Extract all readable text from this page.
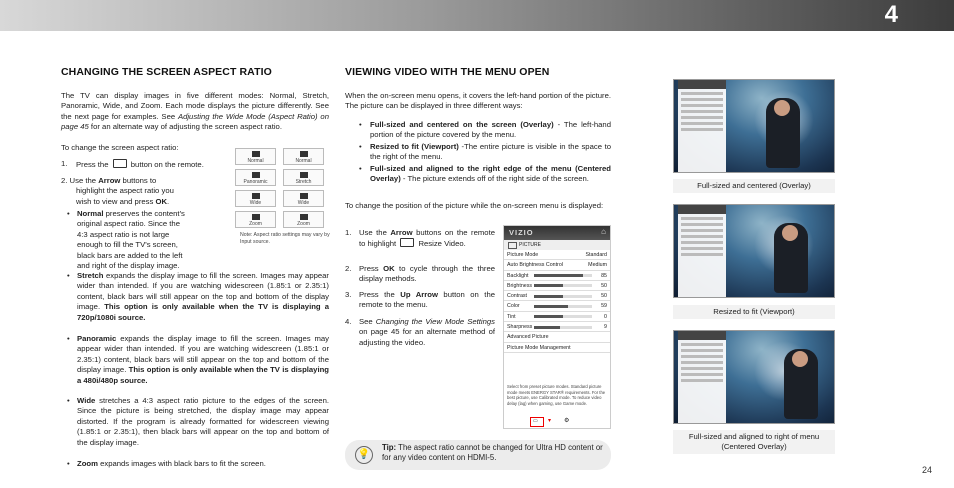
4
CHANGING THE SCREEN ASPECT RATIO

The TV can display images in five different modes: Normal, Stretch, Panoramic, Wide, and Zoom. Each mode displays the picture differently. See the next page for examples. See Adjusting the Wide Mode (Aspect Ratio) on page 45 for an alternate way of adjusting the screen aspect ratio.

To change the screen aspect ratio:

1. Press the	button on the remote.
2. Use the Arrow buttons to
highlight the aspect ratio you
wish to view and press OK.
Normal	Normal
Panoramic	Stretch
Wide	Wide
Zoom	Zoom
Note: Aspect ratio settings may vary by Input source.
• Normal preserves the content's
original aspect ratio. Since the
4:3 aspect ratio is not large
enough to fill the TV's screen,
black bars are added to the left
and right of the display image.
• Stretch expands the display image to fill the screen. Images may appear wider than intended. If you are watching widescreen (1.85:1 or 2.35:1) content, black bars will still appear on the top and bottom of the display image. This option is only available when the TV is displaying a 720p/1080i source.
• Panoramic expands the display image to fill the screen. Images may appear wider than intended. If you are watching widescreen (1.85:1 or 2.35:1) content, black bars will still appear on the top and bottom of the display image. This option is only available when the TV is displaying a 480i/480p source.
• Wide stretches a 4:3 aspect ratio picture to the edges of the screen. Since the picture is being stretched, the display image may appear distorted. If the program is already formatted for widescreen viewing (1.85:1 or 2.35:1), then black bars will appear on the top and bottom of the display image.
• Zoom expands images with black bars to fit the screen.
VIEWING VIDEO WITH THE MENU OPEN

When the on-screen menu opens, it covers the left-hand portion of the picture. The picture can be displayed in three different ways:

• Full-sized and centered on the screen (Overlay) - The left-hand portion of the picture covered by the menu.
• Resized to fit (Viewport) -The entire picture is visible in the space to the right of the menu.
• Full-sized and aligned to the right edge of the menu (Centered Overlay) - The picture extends off of the right side of the screen.
To change the position of the picture while the on-screen menu is displayed:
1. Use the Arrow buttons on the remote to highlight  Resize Video.
2. Press OK to cycle through the three display methods.
3. Press the Up Arrow button on the remote to the menu.
4. See Changing the View Mode Settings on page 45 for an alternate method of adjusting the video.
VIZIO	⌂
PICTURE
Picture Mode	Standard
Auto Brightness Control	Medium
Backlight	85
Brightness	50
Contrast	50
Color	59
Tint	0
Sharpness	9
Advanced Picture
Picture Mode Management
Select from preset picture modes. Standard picture mode meets ENERGY STAR® requirements. For the best picture, use Calibrated mode. To reduce video delay (lag) when gaming, use Game mode.
▭ ▾ ⚙
💡
Tip: The aspect ratio cannot be changed for Ultra HD content or for any video content on HDMI-5.
Full-sized and centered (Overlay)
Resized to fit (Viewport)
Full-sized and aligned to right of menu (Centered Overlay)
24
